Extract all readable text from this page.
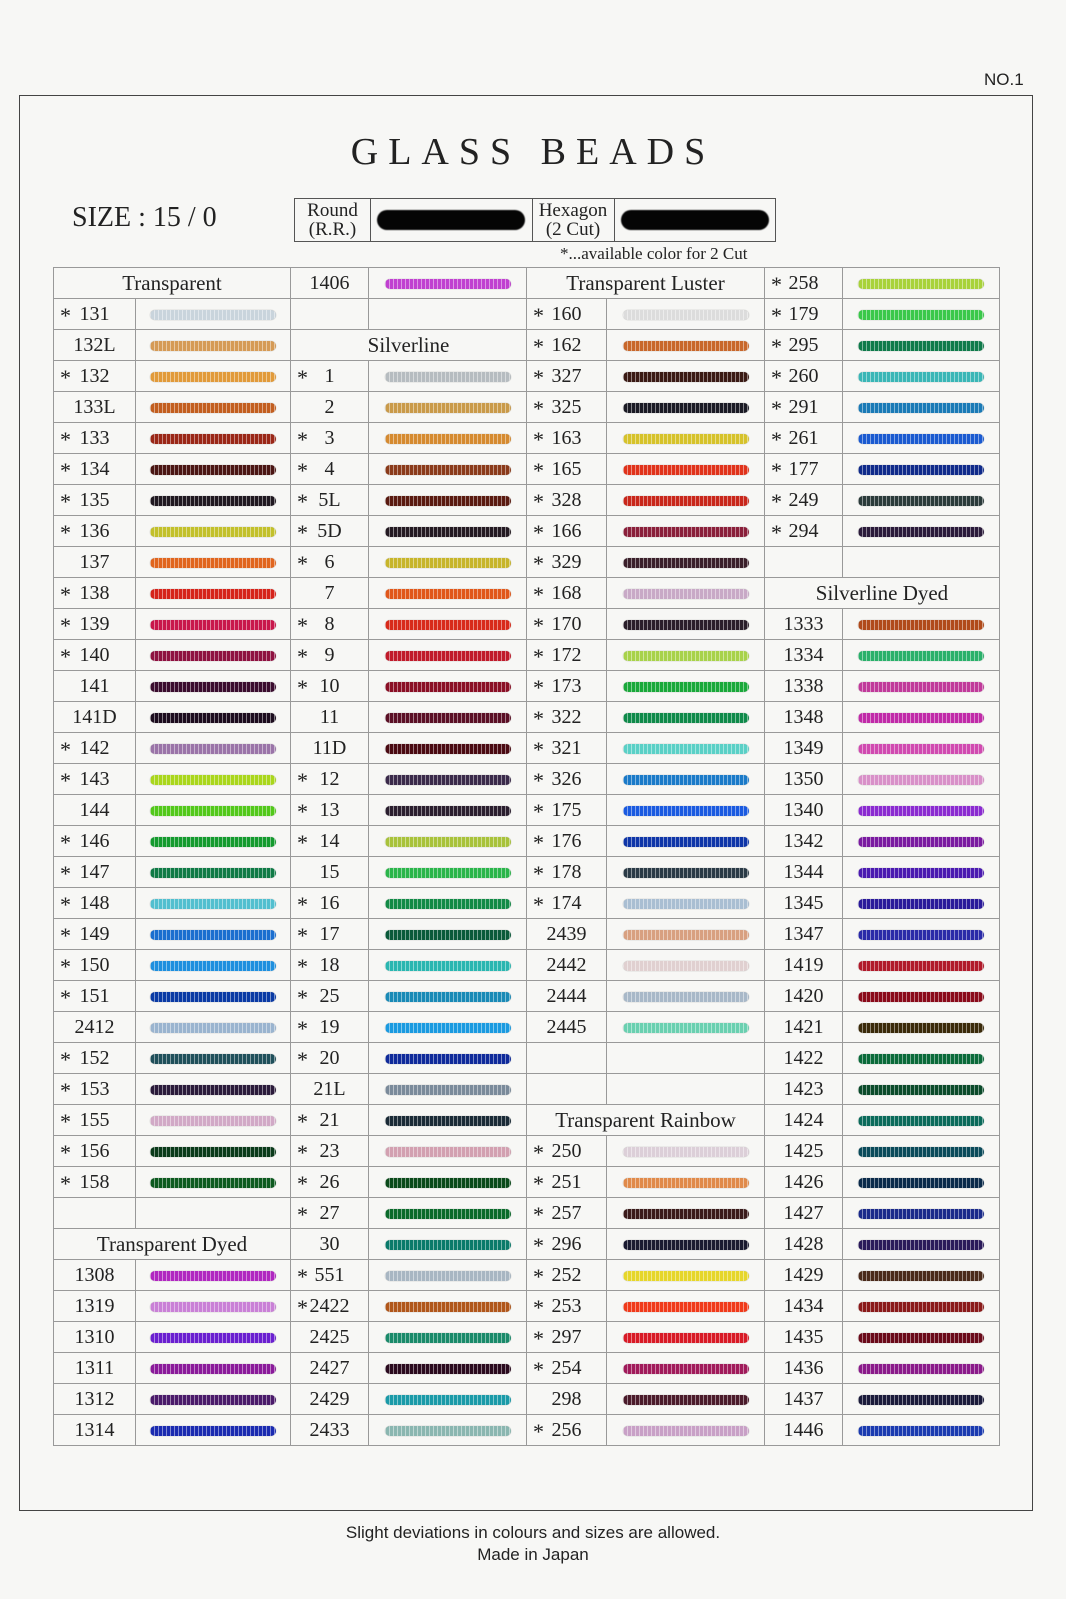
NO.1
GLASS BEADS
SIZE : 15 / 0	Round
(R.R.)
Hexagon
(2 Cut)
*...available color for 2 Cut
Transparent		1406		Transparent Luster		* 258	

* 131				* 160		* 179	

132L		Silverline		* 162		* 295	

* 132		* 1		* 327		* 260	

133L		2		* 325		* 291	

* 133		* 3		* 163		* 261	

* 134		* 4		* 165		* 177	

* 135		* 5L		* 328		* 249	

* 136		* 5D		* 166		* 294	

137		* 6		* 329			

* 138		7		* 168		Silverline Dyed	

* 139		* 8		* 170		1333	

* 140		* 9		* 172		1334	

141		* 10		* 173		1338	

141D		11		* 322		1348	

* 142		11D		* 321		1349	

* 143		* 12		* 326		1350	

144		* 13		* 175		1340	

* 146		* 14		* 176		1342	

* 147		15		* 178		1344	

* 148		* 16		* 174		1345	

* 149		* 17		2439		1347	

* 150		* 18		2442		1419	

* 151		* 25		2444		1420	

2412		* 19		2445		1421	

* 152		* 20				1422	

* 153		21L				1423	

* 155		* 21		Transparent Rainbow		1424	

* 156		* 23		* 250		1425	

* 158		* 26		* 251		1426	

		* 27		* 257		1427	

Transparent Dyed		30		* 296		1428	

1308		* 551		* 252		1429	

1319		* 2422		* 253		1434	

1310		2425		* 297		1435	

1311		2427		* 254		1436	

1312		2429		298		1437	

1314		2433		* 256		1446	

Slight deviations in colours and sizes are allowed.
Made in Japan
